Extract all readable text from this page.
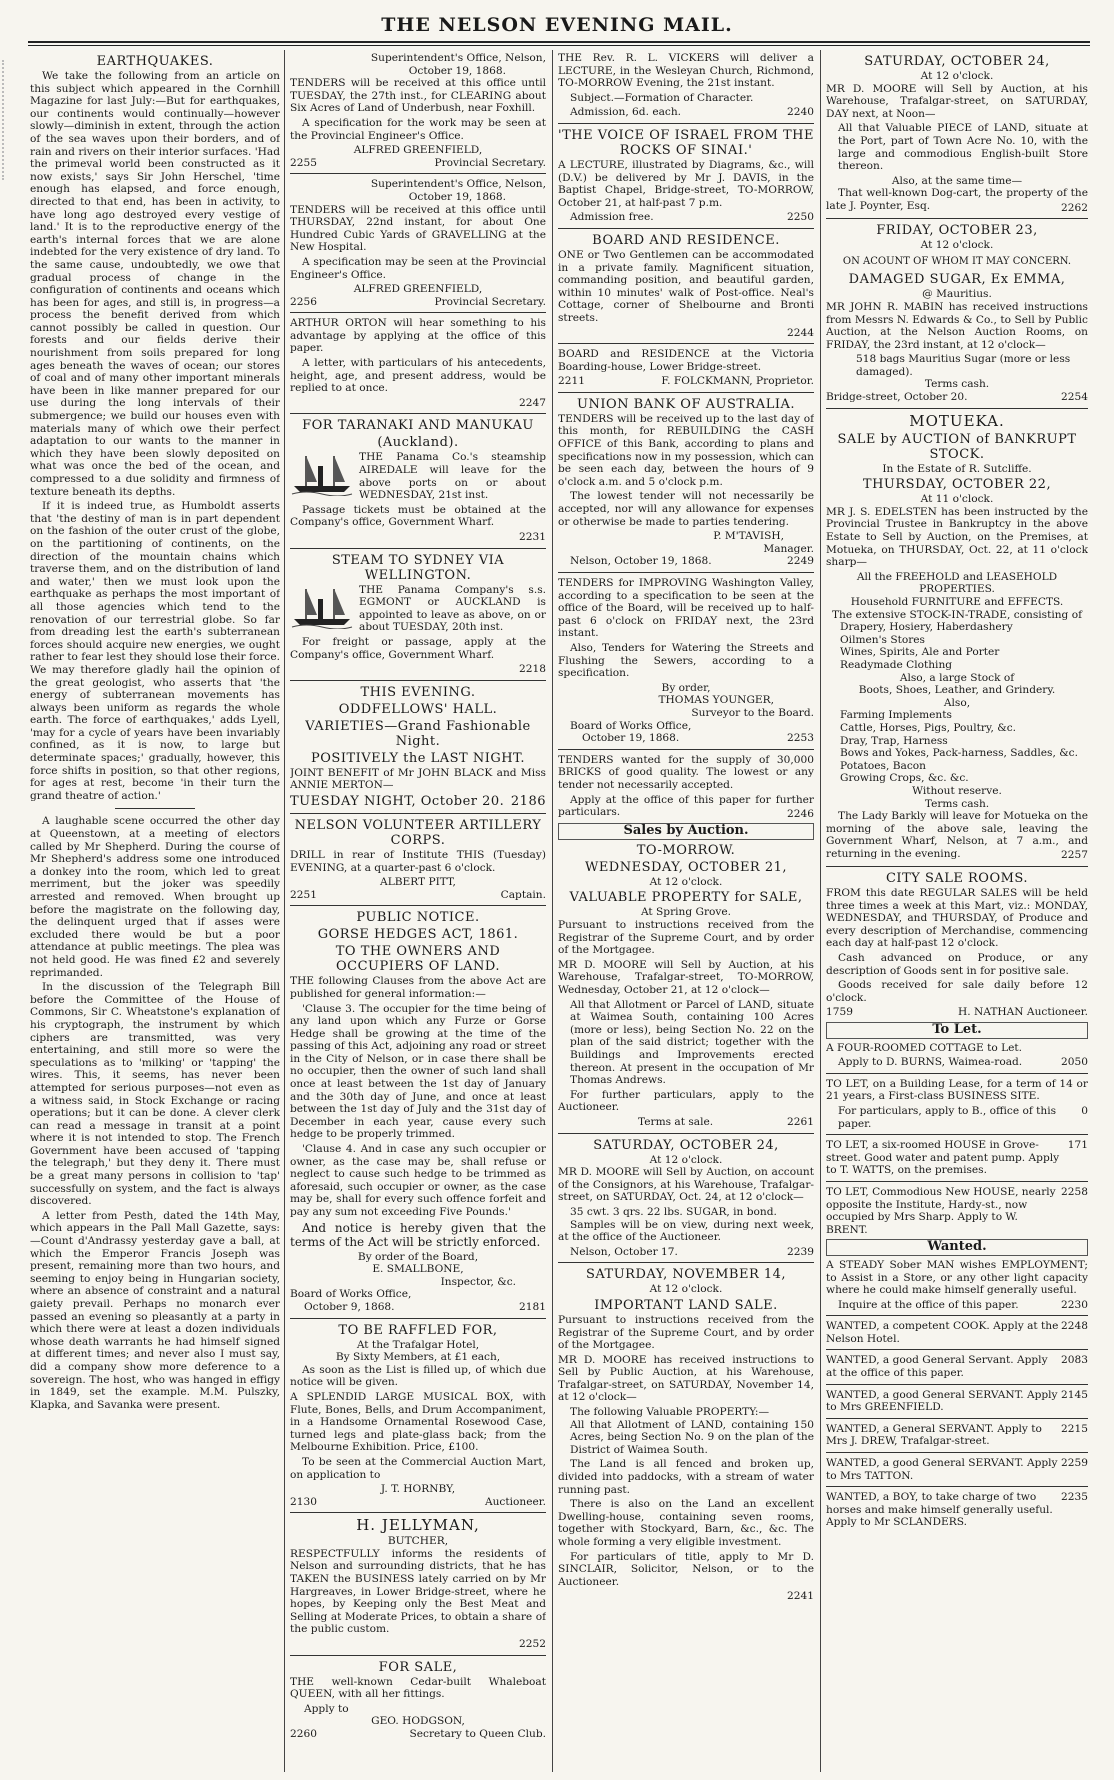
THE NELSON EVENING MAIL.
EARTHQUAKES.

We take the following from an article on this subject which appeared in the Cornhill Magazine for last July:—But for earthquakes, our continents would continually—however slowly—diminish in extent, through the action of the sea waves upon their borders, and of rain and rivers on their interior surfaces. 'Had the primeval world been constructed as it now exists,' says Sir John Herschel, 'time enough has elapsed, and force enough, directed to that end, has been in activity, to have long ago destroyed every vestige of land.' It is to the reproductive energy of the earth's internal forces that we are alone indebted for the very existence of dry land. To the same cause, undoubtedly, we owe that gradual process of change in the configuration of continents and oceans which has been for ages, and still is, in progress—a process the benefit derived from which cannot possibly be called in question. Our forests and our fields derive their nourishment from soils prepared for long ages beneath the waves of ocean; our stores of coal and of many other important minerals have been in like manner prepared for our use during the long intervals of their submergence; we build our houses even with materials many of which owe their perfect adaptation to our wants to the manner in which they have been slowly deposited on what was once the bed of the ocean, and compressed to a due solidity and firmness of texture beneath its depths.

If it is indeed true, as Humboldt asserts that 'the destiny of man is in part dependent on the fashion of the outer crust of the globe, on the partitioning of continents, on the direction of the mountain chains which traverse them, and on the distribution of land and water,' then we must look upon the earthquake as perhaps the most important of all those agencies which tend to the renovation of our terrestrial globe. So far from dreading lest the earth's subterranean forces should acquire new energies, we ought rather to fear lest they should lose their force. We may therefore gladly hail the opinion of the great geologist, who asserts that 'the energy of subterranean movements has always been uniform as regards the whole earth. The force of earthquakes,' adds Lyell, 'may for a cycle of years have been invariably confined, as it is now, to large but determinate spaces;' gradually, however, this force shifts in position, so that other regions, for ages at rest, become 'in their turn the grand theatre of action.'

A laughable scene occurred the other day at Queenstown, at a meeting of electors called by Mr Shepherd. During the course of Mr Shepherd's address some one introduced a donkey into the room, which led to great merriment, but the joker was speedily arrested and removed. When brought up before the magistrate on the following day, the delinquent urged that if asses were excluded there would be but a poor attendance at public meetings. The plea was not held good. He was fined £2 and severely reprimanded.

In the discussion of the Telegraph Bill before the Committee of the House of Commons, Sir C. Wheatstone's explanation of his cryptograph, the instrument by which ciphers are transmitted, was very entertaining, and still more so were the speculations as to 'milking' or 'tapping' the wires. This, it seems, has never been attempted for serious purposes—not even as a witness said, in Stock Exchange or racing operations; but it can be done. A clever clerk can read a message in transit at a point where it is not intended to stop. The French Government have been accused of 'tapping the telegraph,' but they deny it. There must be a great many persons in collision to 'tap' successfully on system, and the fact is always discovered.

A letter from Pesth, dated the 14th May, which appears in the Pall Mall Gazette, says:—Count d'Andrassy yesterday gave a ball, at which the Emperor Francis Joseph was present, remaining more than two hours, and seeming to enjoy being in Hungarian society, where an absence of constraint and a natural gaiety prevail. Perhaps no monarch ever passed an evening so pleasantly at a party in which there were at least a dozen individuals whose death warrants he had himself signed at different times; and never also I must say, did a company show more deference to a sovereign. The host, who was hanged in effigy in 1849, set the example. M.M. Pulszky, Klapka, and Savanka were present.

Superintendent's Office, Nelson,
October 19, 1868.

TENDERS will be received at this office until TUESDAY, the 27th inst., for CLEARING about Six Acres of Land of Underbush, near Foxhill.

A specification for the work may be seen at the Provincial Engineer's Office.

ALFRED GREENFIELD,
2255	Provincial Secretary.
Superintendent's Office, Nelson,
October 19, 1868.

TENDERS will be received at this office until THURSDAY, 22nd instant, for about One Hundred Cubic Yards of GRAVELLING at the New Hospital.

A specification may be seen at the Provincial Engineer's Office.

ALFRED GREENFIELD,
2256	Provincial Secretary.

ARTHUR ORTON will hear something to his advantage by applying at the office of this paper.

A letter, with particulars of his antecedents, height, age, and present address, would be replied to at once.

2247
FOR TARANAKI AND MANUKAU
(Auckland).

THE Panama Co.'s steamship AIREDALE will leave for the above ports on or about WEDNESDAY, 21st inst.

Passage tickets must be obtained at the Company's office, Government Wharf.

2231
STEAM TO SYDNEY VIA WELLINGTON.

THE Panama Company's s.s. EGMONT or AUCKLAND is appointed to leave as above, on or about TUESDAY, 20th inst.

For freight or passage, apply at the Company's office, Government Wharf.

2218
THIS EVENING.
ODDFELLOWS' HALL.
VARIETIES—Grand Fashionable Night.
POSITIVELY the LAST NIGHT.

JOINT BENEFIT of Mr JOHN BLACK and Miss ANNIE MERTON—

TUESDAY NIGHT, October 20. 2186
NELSON VOLUNTEER ARTILLERY CORPS.

DRILL in rear of Institute THIS (Tuesday) EVENING, at a quarter-past 6 o'clock.

ALBERT PITT,
2251	Captain.
PUBLIC NOTICE.
GORSE HEDGES ACT, 1861.
TO THE OWNERS AND OCCUPIERS OF LAND.

THE following Clauses from the above Act are published for general information:—

'Clause 3. The occupier for the time being of any land upon which any Furze or Gorse Hedge shall be growing at the time of the passing of this Act, adjoining any road or street in the City of Nelson, or in case there shall be no occupier, then the owner of such land shall once at least between the 1st day of January and the 30th day of June, and once at least between the 1st day of July and the 31st day of December in each year, cause every such hedge to be properly trimmed.

'Clause 4. And in case any such occupier or owner, as the case may be, shall refuse or neglect to cause such hedge to be trimmed as aforesaid, such occupier or owner, as the case may be, shall for every such offence forfeit and pay any sum not exceeding Five Pounds.'

And notice is hereby given that the terms of the Act will be strictly enforced.

By order of the Board,
E. SMALLBONE,
Inspector, &c.
Board of Works Office,
October 9, 1868.	2181
TO BE RAFFLED FOR,
At the Trafalgar Hotel,
By Sixty Members, at £1 each,

As soon as the List is filled up, of which due notice will be given.

A SPLENDID LARGE MUSICAL BOX, with Flute, Bones, Bells, and Drum Accompaniment, in a Handsome Ornamental Rosewood Case, turned legs and plate-glass back; from the Melbourne Exhibition. Price, £100.

To be seen at the Commercial Auction Mart, on application to

J. T. HORNBY,
2130	Auctioneer.
H. JELLYMAN,
BUTCHER,

RESPECTFULLY informs the residents of Nelson and surrounding districts, that he has TAKEN the BUSINESS lately carried on by Mr Hargreaves, in Lower Bridge-street, where he hopes, by Keeping only the Best Meat and Selling at Moderate Prices, to obtain a share of the public custom.

2252
FOR SALE,

THE well-known Cedar-built Whaleboat QUEEN, with all her fittings.

Apply to
GEO. HODGSON,
2260	Secretary to Queen Club.

THE Rev. R. L. VICKERS will deliver a LECTURE, in the Wesleyan Church, Richmond, TO-MORROW Evening, the 21st instant.

Subject.—Formation of Character.

Admission, 6d. each.	2240
'THE VOICE OF ISRAEL FROM THE ROCKS OF SINAI.'

A LECTURE, illustrated by Diagrams, &c., will (D.V.) be delivered by Mr J. DAVIS, in the Baptist Chapel, Bridge-street, TO-MORROW, October 21, at half-past 7 p.m.

Admission free.	2250
BOARD AND RESIDENCE.

ONE or Two Gentlemen can be accommodated in a private family. Magnificent situation, commanding position, and beautiful garden, within 10 minutes' walk of Post-office. Neal's Cottage, corner of Shelbourne and Bronti streets.

2244

BOARD and RESIDENCE at the Victoria Boarding-house, Lower Bridge-street.

2211	F. FOLCKMANN, Proprietor.
UNION BANK OF AUSTRALIA.

TENDERS will be received up to the last day of this month, for REBUILDING the CASH OFFICE of this Bank, according to plans and specifications now in my possession, which can be seen each day, between the hours of 9 o'clock a.m. and 5 o'clock p.m.

The lowest tender will not necessarily be accepted, nor will any allowance for expenses or otherwise be made to parties tendering.

P. M'TAVISH,
Manager.
Nelson, October 19, 1868.	2249

TENDERS for IMPROVING Washington Valley, according to a specification to be seen at the office of the Board, will be received up to half-past 6 o'clock on FRIDAY next, the 23rd instant.

Also, Tenders for Watering the Streets and Flushing the Sewers, according to a specification.

By order,
THOMAS YOUNGER,
Surveyor to the Board.
Board of Works Office,
October 19, 1868.	2253

TENDERS wanted for the supply of 30,000 BRICKS of good quality. The lowest or any tender not necessarily accepted.

Apply at the office of this paper for further particulars.	2246
Sales by Auction.
TO-MORROW.
WEDNESDAY, OCTOBER 21,
At 12 o'clock.
VALUABLE PROPERTY for SALE,
At Spring Grove.

Pursuant to instructions received from the Registrar of the Supreme Court, and by order of the Mortgagee.

MR D. MOORE will Sell by Auction, at his Warehouse, Trafalgar-street, TO-MORROW, Wednesday, October 21, at 12 o'clock—

All that Allotment or Parcel of LAND, situate at Waimea South, containing 100 Acres (more or less), being Section No. 22 on the plan of the said district; together with the Buildings and Improvements erected thereon. At present in the occupation of Mr Thomas Andrews.

For further particulars, apply to the Auctioneer.

Terms at sale.	2261
SATURDAY, OCTOBER 24,
At 12 o'clock.

MR D. MOORE will Sell by Auction, on account of the Consignors, at his Warehouse, Trafalgar-street, on SATURDAY, Oct. 24, at 12 o'clock—

35 cwt. 3 qrs. 22 lbs. SUGAR, in bond.

Samples will be on view, during next week, at the office of the Auctioneer.

Nelson, October 17.	2239
SATURDAY, NOVEMBER 14,
At 12 o'clock.
IMPORTANT LAND SALE.

Pursuant to instructions received from the Registrar of the Supreme Court, and by order of the Mortgagee.

MR D. MOORE has received instructions to Sell by Public Auction, at his Warehouse, Trafalgar-street, on SATURDAY, November 14, at 12 o'clock—

The following Valuable PROPERTY:—

All that Allotment of LAND, containing 150 Acres, being Section No. 9 on the plan of the District of Waimea South.

The Land is all fenced and broken up, divided into paddocks, with a stream of water running past.

There is also on the Land an excellent Dwelling-house, containing seven rooms, together with Stockyard, Barn, &c., &c. The whole forming a very eligible investment.

For particulars of title, apply to Mr D. SINCLAIR, Solicitor, Nelson, or to the Auctioneer.

2241
SATURDAY, OCTOBER 24,
At 12 o'clock.

MR D. MOORE will Sell by Auction, at his Warehouse, Trafalgar-street, on SATURDAY, DAY next, at Noon—

All that Valuable PIECE of LAND, situate at the Port, part of Town Acre No. 10, with the large and commodious English-built Store thereon.

Also, at the same time—

That well-known Dog-cart, the property of the late J. Poynter, Esq.	2262
FRIDAY, OCTOBER 23,
At 12 o'clock.
ON ACOUNT OF WHOM IT MAY CONCERN.
DAMAGED SUGAR, Ex EMMA,
@ Mauritius.

MR JOHN R. MABIN has received instructions from Messrs N. Edwards & Co., to Sell by Public Auction, at the Nelson Auction Rooms, on FRIDAY, the 23rd instant, at 12 o'clock—

518 bags Mauritius Sugar (more or less damaged).
Terms cash.
Bridge-street, October 20.	2254
MOTUEKA.
SALE by AUCTION of BANKRUPT STOCK.
In the Estate of R. Sutcliffe.
THURSDAY, OCTOBER 22,
At 11 o'clock.

MR J. S. EDELSTEN has been instructed by the Provincial Trustee in Bankruptcy in the above Estate to Sell by Auction, on the Premises, at Motueka, on THURSDAY, Oct. 22, at 11 o'clock sharp—

All the FREEHOLD and LEASEHOLD PROPERTIES.
Household FURNITURE and EFFECTS.
The extensive STOCK-IN-TRADE, consisting of
Drapery, Hosiery, Haberdashery
Oilmen's Stores
Wines, Spirits, Ale and Porter
Readymade Clothing
Also, a large Stock of
Boots, Shoes, Leather, and Grindery.
Also,
Farming Implements
Cattle, Horses, Pigs, Poultry, &c.
Dray, Trap, Harness
Bows and Yokes, Pack-harness, Saddles, &c.
Potatoes, Bacon
Growing Crops, &c. &c.
Without reserve.
Terms cash.

The Lady Barkly will leave for Motueka on the morning of the above sale, leaving the Government Wharf, Nelson, at 7 a.m., and returning in the evening.	2257
CITY SALE ROOMS.

FROM this date REGULAR SALES will be held three times a week at this Mart, viz.: MONDAY, WEDNESDAY, and THURSDAY, of Produce and every description of Merchandise, commencing each day at half-past 12 o'clock.

Cash advanced on Produce, or any description of Goods sent in for positive sale.

Goods received for sale daily before 12 o'clock.

1759	H. NATHAN Auctioneer.
To Let.

A FOUR-ROOMED COTTAGE to Let.

Apply to D. BURNS, Waimea-road.	2050

TO LET, on a Building Lease, for a term of 14 or 21 years, a First-class BUSINESS SITE.

For particulars, apply to B., office of this paper.
0
TO LET, a six-roomed HOUSE in Grove-street. Good water and patent pump. Apply to T. WATTS, on the premises.
171
TO LET, Commodious New HOUSE, nearly opposite the Institute, Hardy-st., now occupied by Mrs Sharp. Apply to W. BRENT.
2258
Wanted.

A STEADY Sober MAN wishes EMPLOYMENT; to Assist in a Store, or any other light capacity where he could make himself generally useful.

Inquire at the office of this paper.	2230
WANTED, a competent COOK. Apply at the Nelson Hotel.
2248
WANTED, a good General Servant. Apply at the office of this paper.
2083
WANTED, a good General SERVANT. Apply to Mrs GREENFIELD.
2145
WANTED, a General SERVANT. Apply to Mrs J. DREW, Trafalgar-street.
2215
WANTED, a good General SERVANT. Apply to Mrs TATTON.
2259
WANTED, a BOY, to take charge of two horses and make himself generally useful. Apply to Mr SCLANDERS.
2235
